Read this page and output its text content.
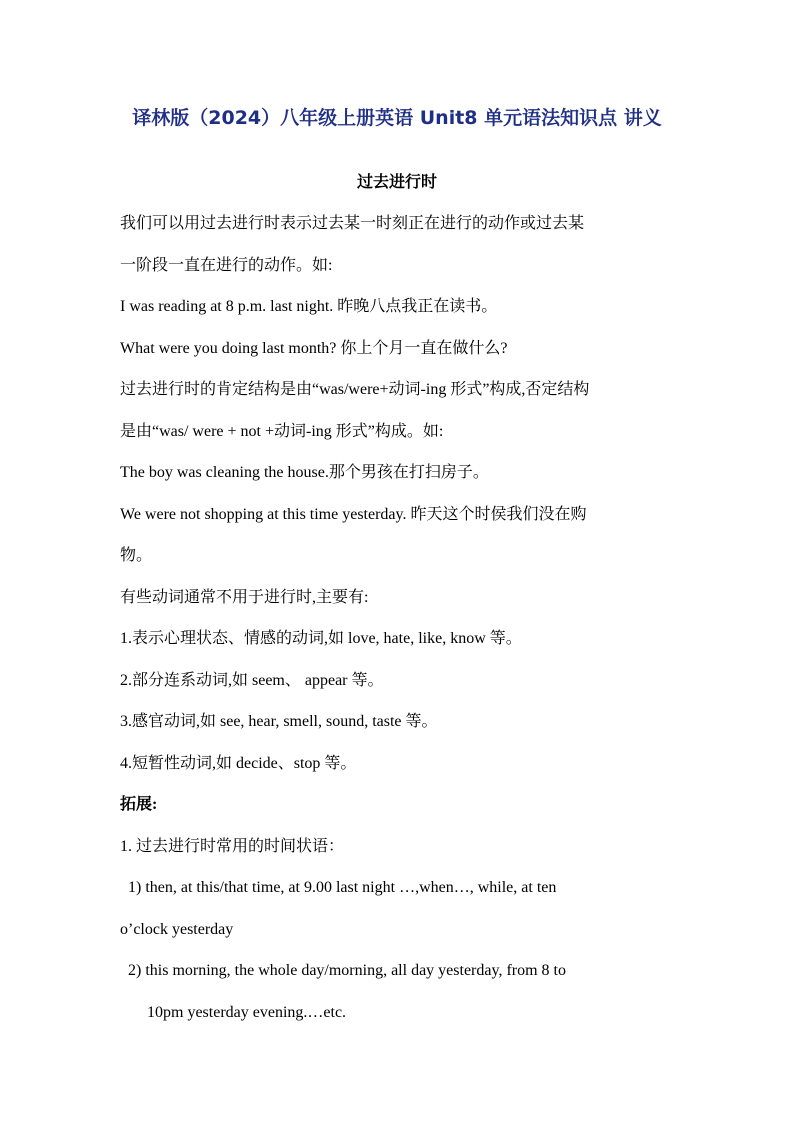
译林版（2024）八年级上册英语 Unit8 单元语法知识点 讲义
过去进行时
我们可以用过去进行时表示过去某一时刻正在进行的动作或过去某
一阶段一直在进行的动作。如:
I was reading at 8 p.m. last night. 昨晚八点我正在读书。
What were you doing last month? 你上个月一直在做什么?
过去进行时的肯定结构是由“was/were+动词-ing 形式”构成,否定结构
是由“was/ were + not +动词-ing 形式”构成。如:
The boy was cleaning the house.那个男孩在打扫房子。
We were not shopping at this time yesterday. 昨天这个时侯我们没在购
物。
有些动词通常不用于进行时,主要有:
1.表示心理状态、情感的动词,如 love, hate, like, know 等。
2.部分连系动词,如 seem、 appear 等。
3.感官动词,如 see, hear, smell, sound, taste 等。
4.短暂性动词,如 decide、stop 等。
拓展:
1. 过去进行时常用的时间状语：
1) then, at this/that time, at 9.00 last night …,when…, while, at ten
o’clock yesterday
2) this morning, the whole day/morning, all day yesterday, from 8 to
10pm yesterday evening.…etc.
